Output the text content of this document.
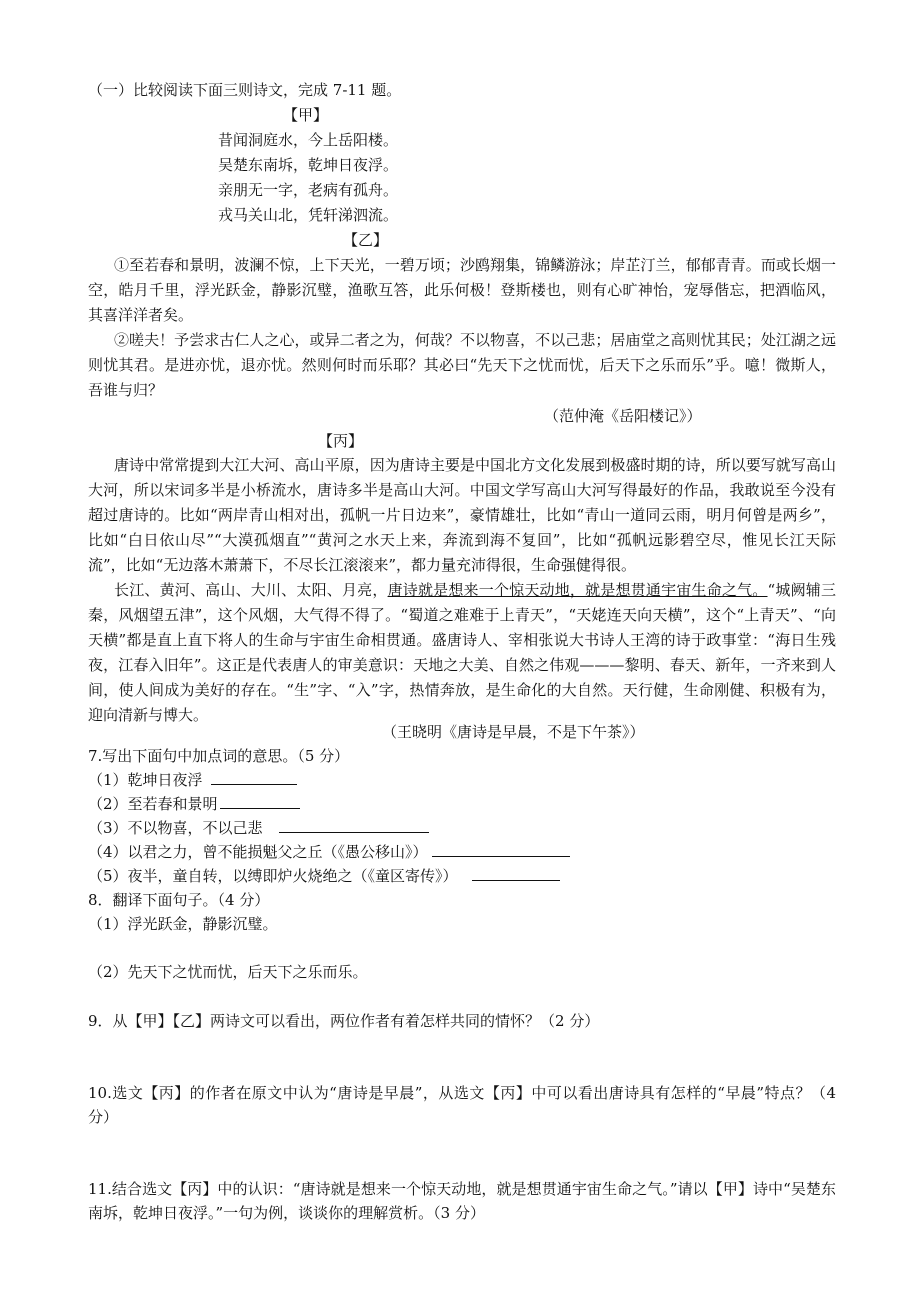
（一）比较阅读下面三则诗文，完成 7-11 题。
【甲】
昔闻洞庭水，今上岳阳楼。
吴楚东南坼，乾坤日夜浮。
亲朋无一字，老病有孤舟。
戎马关山北，凭轩涕泗流。
【乙】
①至若春和景明，波澜不惊，上下天光，一碧万顷；沙鸥翔集，锦鳞游泳；岸芷汀兰，郁郁青青。而或长烟一空，皓月千里，浮光跃金，静影沉璧，渔歌互答，此乐何极！登斯楼也，则有心旷神怡，宠辱偕忘，把酒临风，其喜洋洋者矣。
②嗟夫！予尝求古仁人之心，或异二者之为，何哉？不以物喜，不以己悲；居庙堂之高则忧其民；处江湖之远则忧其君。是进亦忧，退亦忧。然则何时而乐耶？其必曰“先天下之忧而忧，后天下之乐而乐”乎。噫！微斯人，吾谁与归？
（范仲淹《岳阳楼记》）
【丙】
唐诗中常常提到大江大河、高山平原，因为唐诗主要是中国北方文化发展到极盛时期的诗，所以要写就写高山大河，所以宋词多半是小桥流水，唐诗多半是高山大河。中国文学写高山大河写得最好的作品，我敢说至今没有超过唐诗的。比如“两岸青山相对出，孤帆一片日边来”，豪情雄壮，比如“青山一道同云雨，明月何曾是两乡”，比如“白日依山尽”“大漠孤烟直”“黄河之水天上来，奔流到海不复回”，比如“孤帆远影碧空尽，惟见长江天际流”，比如“无边落木萧萧下，不尽长江滚滚来”，都力量充沛得很，生命强健得很。
长江、黄河、高山、大川、太阳、月亮，唐诗就是想来一个惊天动地，就是想贯通宇宙生命之气。“城阙辅三秦，风烟望五津”，这个风烟，大气得不得了。“蜀道之难难于上青天”，“天姥连天向天横”，这个“上青天”、“向天横”都是直上直下将人的生命与宇宙生命相贯通。盛唐诗人、宰相张说大书诗人王湾的诗于政事堂：“海日生残夜，江春入旧年”。这正是代表唐人的审美意识：天地之大美、自然之伟观———黎明、春天、新年，一齐来到人间，使人间成为美好的存在。“生”字、“入”字，热情奔放，是生命化的大自然。天行健，生命刚健、积极有为，迎向清新与博大。
（王晓明《唐诗是早晨，不是下午茶》）
7.写出下面句中加点词的意思。（5 分）
（1）乾坤日夜浮
（2）至若春和景明
（3）不以物喜，不以己悲
（4）以君之力，曾不能损魁父之丘（《愚公移山》）
（5）夜半，童自转，以缚即炉火烧绝之（《童区寄传》）
8．翻译下面句子。（4 分）
（1）浮光跃金，静影沉璧。
（2）先天下之忧而忧，后天下之乐而乐。
9．从【甲】【乙】两诗文可以看出，两位作者有着怎样共同的情怀？（2 分）
10.选文【丙】的作者在原文中认为“唐诗是早晨”，从选文【丙】中可以看出唐诗具有怎样的“早晨”特点？（4 分）
11.结合选文【丙】中的认识：“唐诗就是想来一个惊天动地，就是想贯通宇宙生命之气。”请以【甲】诗中“吴楚东南坼，乾坤日夜浮。”一句为例，谈谈你的理解赏析。（3 分）
